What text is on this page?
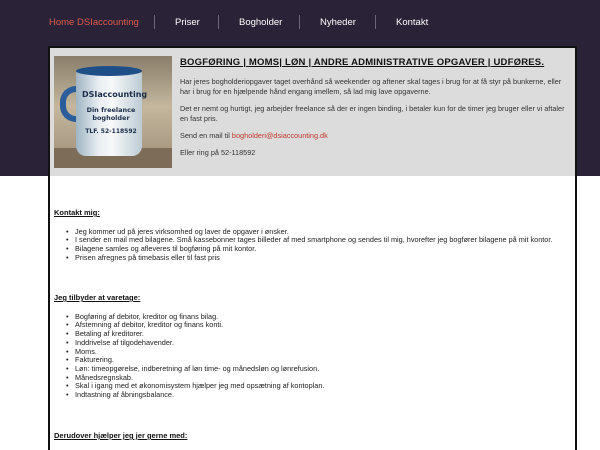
Home DSIaccounting	Priser	Bogholder	Nyheder	Kontakt
DSIaccounting
Din freelance
bogholder
TLF. 52-118592
BOGFØRING | MOMS| LØN | ANDRE ADMINISTRATIVE OPGAVER | UDFØRES.

Har jeres bogholderiopgaver taget overhånd så weekender og aftener skal tages i brug for at få styr på bunkerne, eller har i brug for en hjælpende hånd engang imellem, så lad mig lave opgaverne.

Det er nemt og hurtigt, jeg arbejder freelance så der er ingen binding, i betaler kun for de timer jeg bruger eller vi aftaler en fast pris.

Send en mail til bogholderi@dsiaccounting.dk

Eller ring på 52-118592

Kontakt mig:
• Jeg kommer ud på jeres virksomhed og laver de opgaver i ønsker.
• I sender en mail med bilagene. Små kassebonner tages billeder af med smartphone og sendes til mig, hvorefter jeg bogfører bilagene på mit kontor.
• Bilagene samles og afleveres til bogføring på mit kontor.
• Prisen afregnes på timebasis eller til fast pris
Jeg tilbyder at varetage:
• Bogføring af debitor, kreditor og finans bilag.
• Afstemning af debitor, kreditor og finans konti.
• Betaling af kreditorer.
• Inddrivelse af tilgodehavender.
• Moms.
• Fakturering.
• Løn: timeopgørelse, indberetning af løn time- og månedsløn og lønrefusion.
• Månedsregnskab.
• Skal i igang med et økonomisystem hjælper jeg med opsætning af kontoplan.
• Indtastning af åbningsbalance.
Derudover hjælper jeg jer gerne med:
